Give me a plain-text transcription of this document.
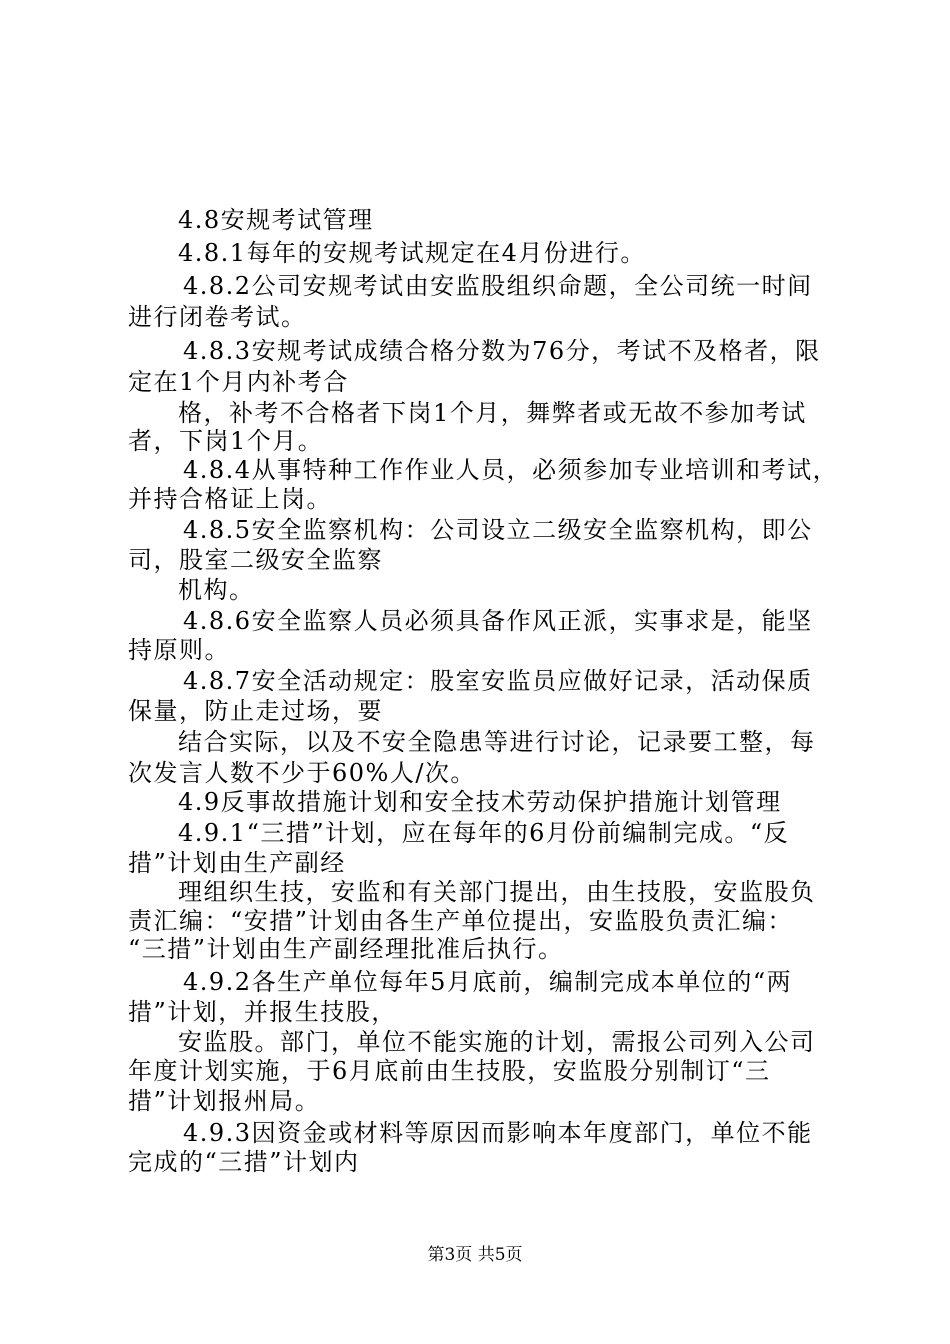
4.8安规考试管理
4.8.1每年的安规考试规定在4月份进行。
4.8.2公司安规考试由安监股组织命题，全公司统一时间
进行闭卷考试。
4.8.3安规考试成绩合格分数为76分，考试不及格者，限
定在1个月内补考合
格，补考不合格者下岗1个月，舞弊者或无故不参加考试
者，下岗1个月。
4.8.4从事特种工作作业人员，必须参加专业培训和考试，
并持合格证上岗。
4.8.5安全监察机构：公司设立二级安全监察机构，即公
司，股室二级安全监察
机构。
4.8.6安全监察人员必须具备作风正派，实事求是，能坚
持原则。
4.8.7安全活动规定：股室安监员应做好记录，活动保质
保量，防止走过场，要
结合实际，以及不安全隐患等进行讨论，记录要工整，每
次发言人数不少于60%人/次。
4.9反事故措施计划和安全技术劳动保护措施计划管理
4.9.1“三措”计划，应在每年的6月份前编制完成。“反
措”计划由生产副经
理组织生技，安监和有关部门提出，由生技股，安监股负
责汇编：“安措”计划由各生产单位提出，安监股负责汇编：
“三措”计划由生产副经理批准后执行。
4.9.2各生产单位每年5月底前，编制完成本单位的“两
措”计划，并报生技股，
安监股。部门，单位不能实施的计划，需报公司列入公司
年度计划实施，于6月底前由生技股，安监股分别制订“三
措”计划报州局。
4.9.3因资金或材料等原因而影响本年度部门，单位不能
完成的“三措”计划内
第3页 共5页
